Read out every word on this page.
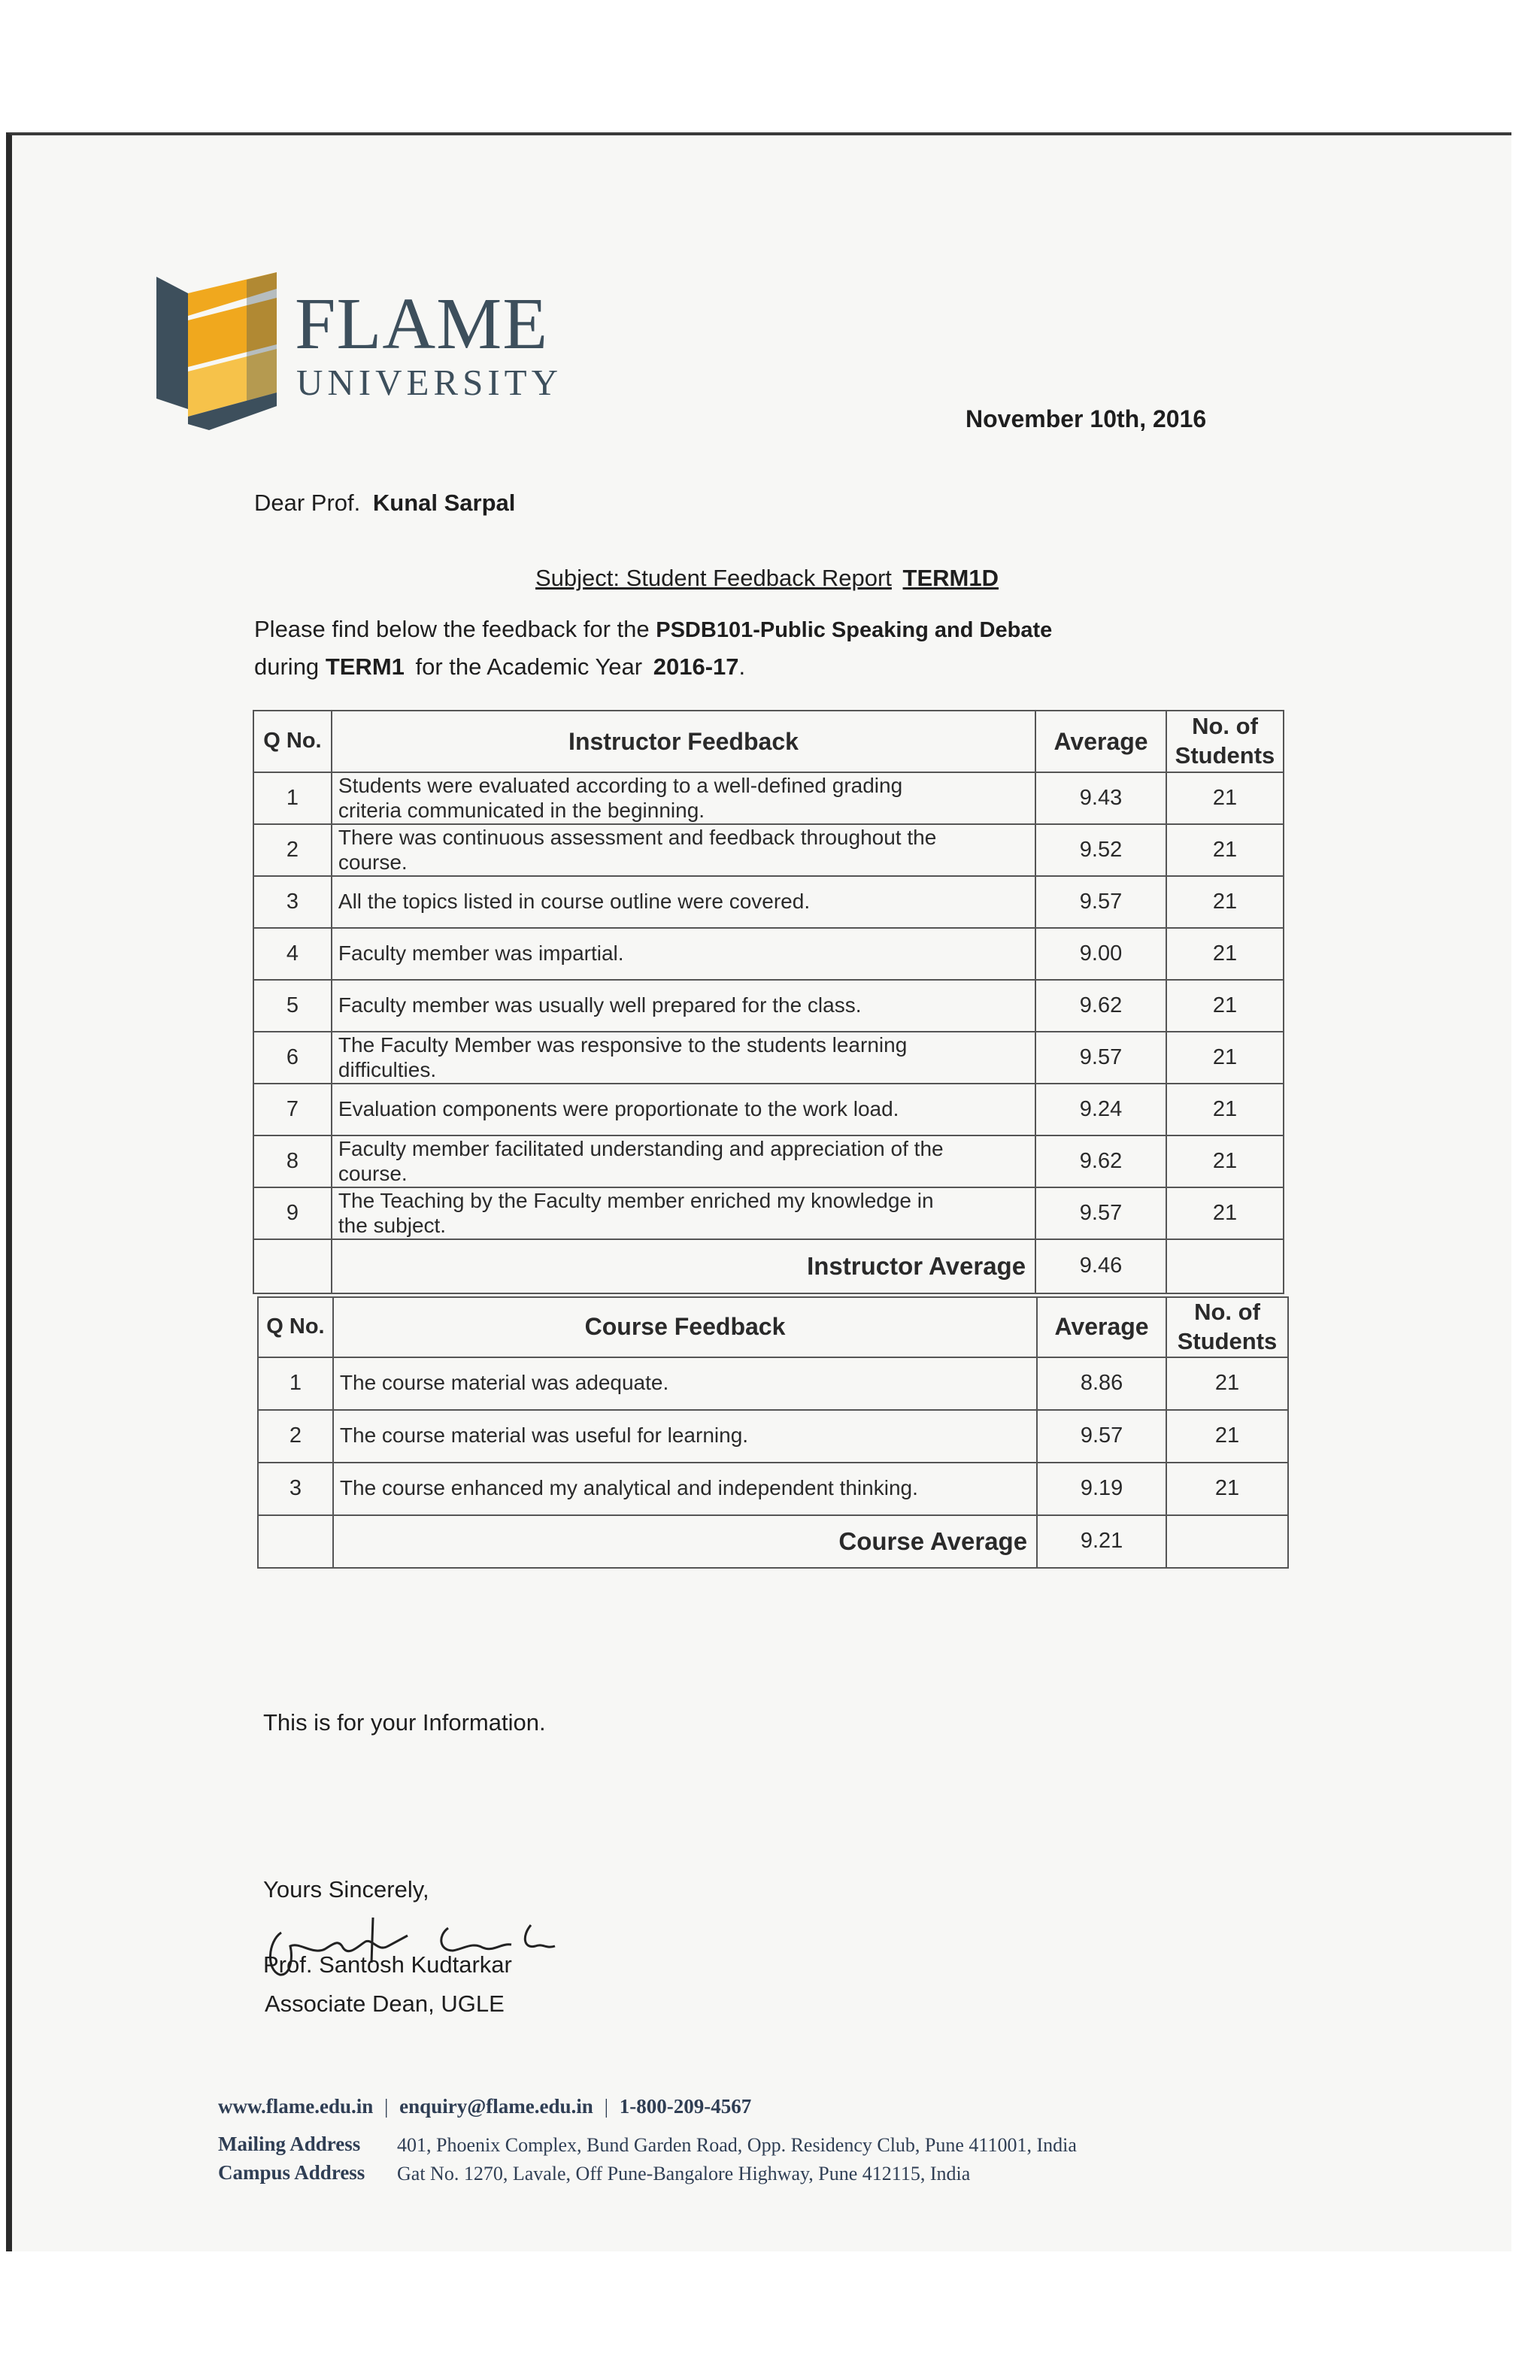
FLAME
UNIVERSITY
November 10th, 2016
Dear Prof. Kunal Sarpal
Subject: Student Feedback Report TERM1D
Please find below the feedback for the PSDB101-Public Speaking and Debate
during TERM1 for the Academic Year 2016-17.
Q No.	Instructor Feedback	Average	No. of
Students
1	Students were evaluated according to a well-defined grading
criteria communicated in the beginning.	9.43	21
2	There was continuous assessment and feedback throughout the
course.	9.52	21
3	All the topics listed in course outline were covered.	9.57	21
4	Faculty member was impartial.	9.00	21
5	Faculty member was usually well prepared for the class.	9.62	21
6	The Faculty Member was responsive to the students learning
difficulties.	9.57	21
7	Evaluation components were proportionate to the work load.	9.24	21
8	Faculty member facilitated understanding and appreciation of the
course.	9.62	21
9	The Teaching by the Faculty member enriched my knowledge in
the subject.	9.57	21
	Instructor Average	9.46	
Q No.	Course Feedback	Average	No. of
Students
1	The course material was adequate.	8.86	21
2	The course material was useful for learning.	9.57	21
3	The course enhanced my analytical and independent thinking.	9.19	21
	Course Average	9.21	
This is for your Information.
Yours Sincerely,
Prof. Santosh Kudtarkar
Associate Dean, UGLE
www.flame.edu.in | enquiry@flame.edu.in | 1-800-209-4567
Mailing Address 401, Phoenix Complex, Bund Garden Road, Opp. Residency Club, Pune 411001, India
Campus Address Gat No. 1270, Lavale, Off Pune-Bangalore Highway, Pune 412115, India
